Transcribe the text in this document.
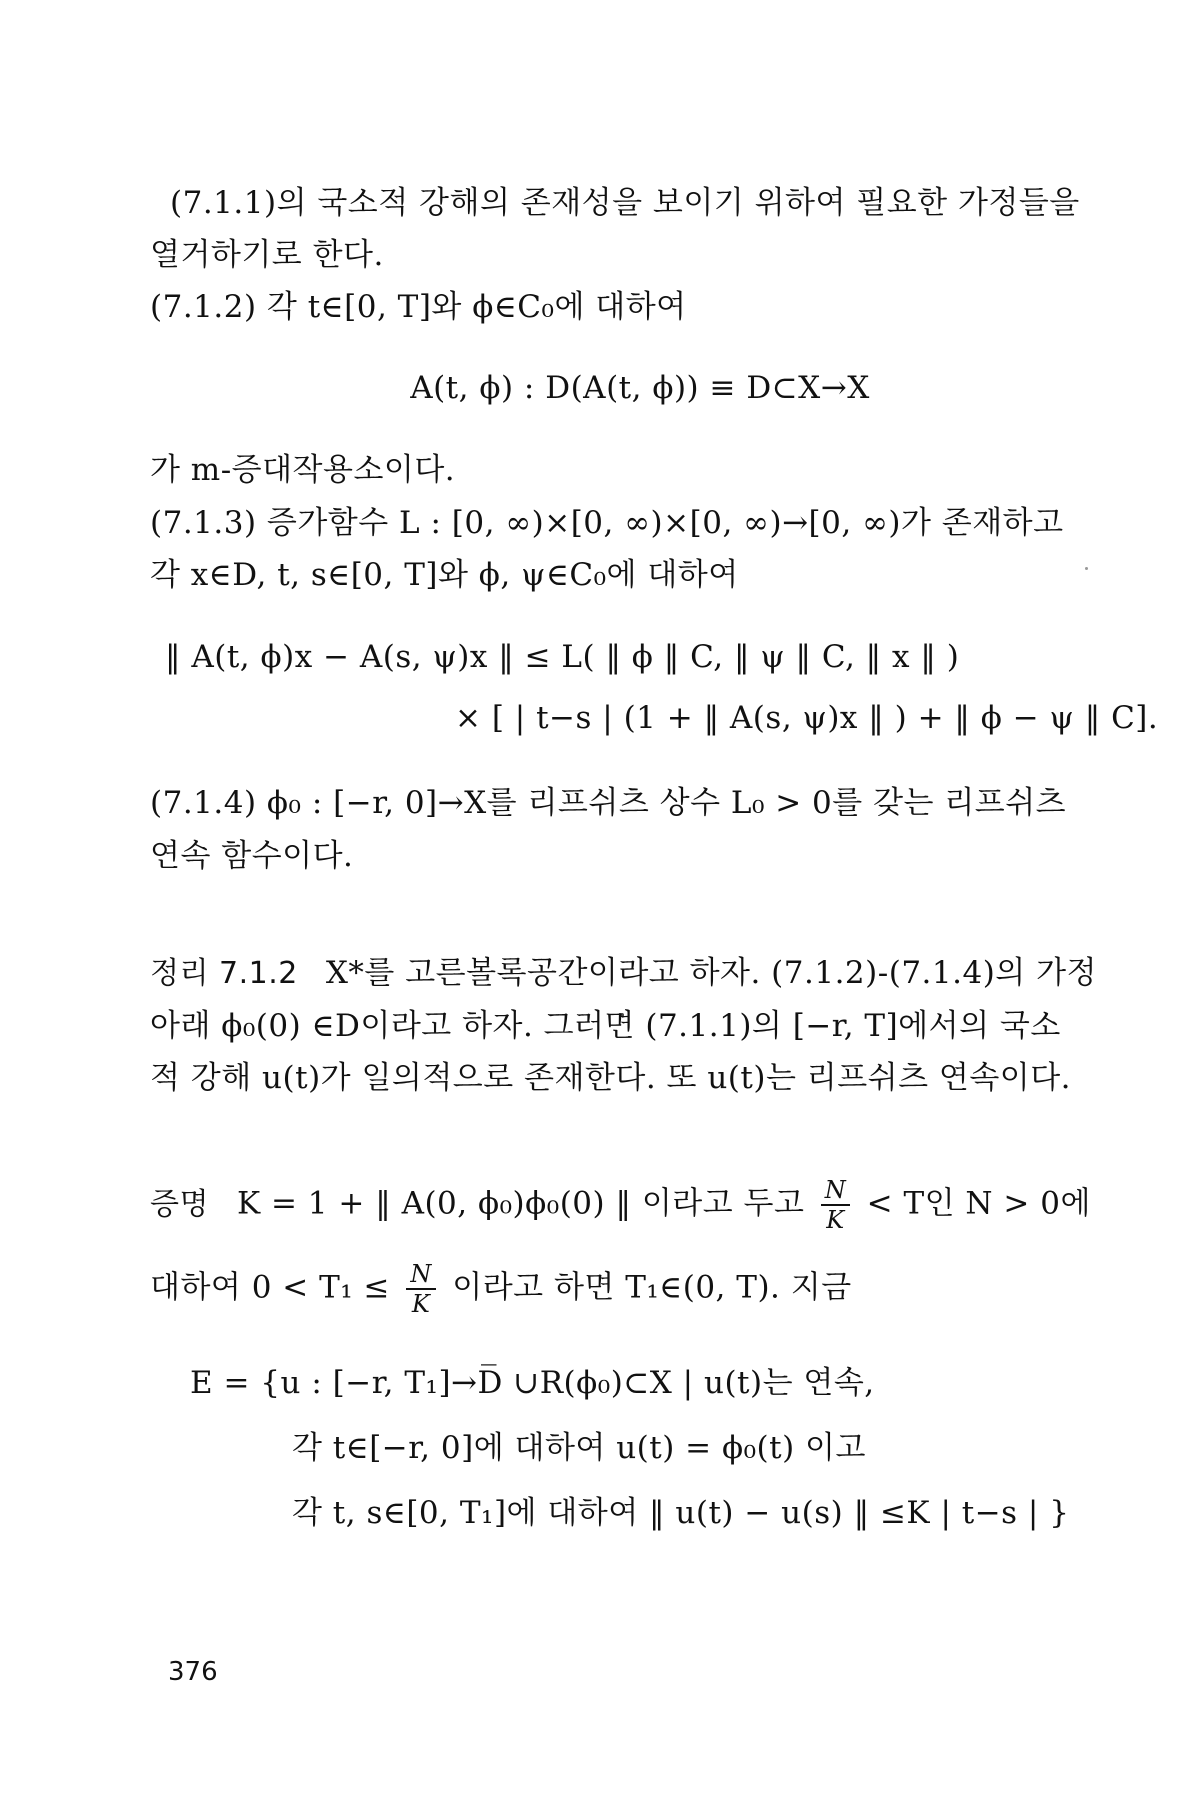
(7.1.1)의 국소적 강해의 존재성을 보이기 위하여 필요한 가정들을
열거하기로 한다.
(7.1.2) 각 t∈[0, T]와 ϕ∈C₀에 대하여
A(t, ϕ) : D(A(t, ϕ)) ≡ D⊂X→X
가 m-증대작용소이다.
(7.1.3) 증가함수 L : [0, ∞)×[0, ∞)×[0, ∞)→[0, ∞)가 존재하고
각 x∈D, t, s∈[0, T]와 ϕ, ψ∈C₀에 대하여
‖ A(t, ϕ)x − A(s, ψ)x ‖ ≤ L( ‖ ϕ ‖ C, ‖ ψ ‖ C, ‖ x ‖ )
× [ | t−s | (1 + ‖ A(s, ψ)x ‖ ) + ‖ ϕ − ψ ‖ C].
(7.1.4) ϕ₀ : [−r, 0]→X를 리프쉬츠 상수 L₀ > 0를 갖는 리프쉬츠
연속 함수이다.
정리 7.1.2 X*를 고른볼록공간이라고 하자. (7.1.2)-(7.1.4)의 가정
아래 ϕ₀(0) ∈D이라고 하자. 그러면 (7.1.1)의 [−r, T]에서의 국소
적 강해 u(t)가 일의적으로 존재한다. 또 u(t)는 리프쉬츠 연속이다.
증명 K = 1 + ‖ A(0, ϕ₀)ϕ₀(0) ‖ 이라고 두고 $\frac{N}{K} < T$인 N > 0에
대하여 $0 < T_1 \le \frac{N}{K}$ 이라고 하면 T₁∈(0, T). 지금
E = {u : [−r, T₁]→D̅ ∪R(ϕ₀)⊂X | u(t)는 연속,
각 t∈[−r, 0]에 대하여 u(t) = ϕ₀(t) 이고
각 t, s∈[0, T₁]에 대하여 ‖ u(t) − u(s) ‖ ≤K | t−s | }
376
